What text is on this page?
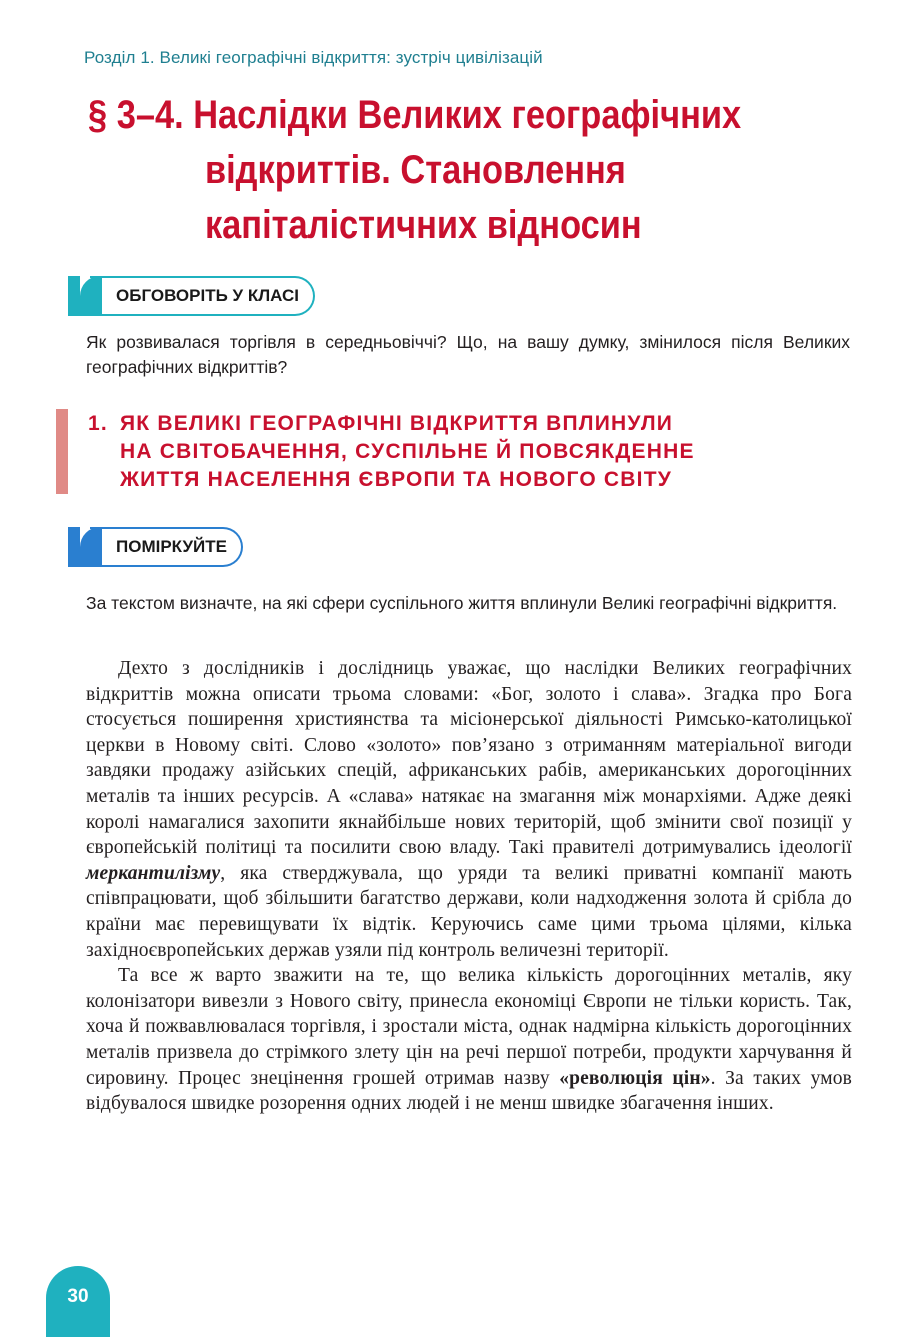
Розділ 1. Великі географічні відкриття: зустріч цивілізацій
§ 3–4. Наслідки Великих географічних
відкриттів. Становлення
капіталістичних відносин
ОБГОВОРІТЬ У КЛАСІ
Як розвивалася торгівля в середньовіччі? Що, на вашу думку, змінилося після Великих географічних відкриттів?
1. ЯК ВЕЛИКІ ГЕОГРАФІЧНІ ВІДКРИТТЯ ВПЛИНУЛИ
НА СВІТОБАЧЕННЯ, СУСПІЛЬНЕ Й ПОВСЯКДЕННЕ
ЖИТТЯ НАСЕЛЕННЯ ЄВРОПИ ТА НОВОГО СВІТУ
ПОМІРКУЙТЕ
За текстом визначте, на які сфери суспільного життя вплинули Великі географічні відкриття.

Дехто з дослідників і дослідниць уважає, що наслідки Великих географічних відкриттів можна описати трьома словами: «Бог, золото і слава». Згадка про Бога стосується поширення християнства та місіонерської діяльності Римсько-католицької церкви в Новому світі. Слово «золото» пов’язано з отриманням матеріальної вигоди завдяки продажу азійських спецій, африканських рабів, американських дорогоцінних металів та інших ресурсів. А «слава» натякає на змагання між монархіями. Адже деякі королі намагалися захопити якнайбільше нових територій, щоб змінити свої позиції у європейській політиці та посилити свою владу. Такі правителі дотримувались ідеології меркантилізму, яка стверджувала, що уряди та великі приватні компанії мають співпрацювати, щоб збільшити багатство держави, коли надходження золота й срібла до країни має перевищувати їх відтік. Керуючись саме цими трьома цілями, кілька західноєвропейських держав узяли під контроль величезні території.

Та все ж варто зважити на те, що велика кількість дорогоцінних металів, яку колонізатори вивезли з Нового світу, принесла економіці Європи не тільки користь. Так, хоча й пожвавлювалася торгівля, і зростали міста, однак надмірна кількість дорогоцінних металів призвела до стрімкого злету цін на речі першої потреби, продукти харчування й сировину. Процес знецінення грошей отримав назву «революція цін». За таких умов відбувалося швидке розорення одних людей і не менш швидке збагачення інших.

30
